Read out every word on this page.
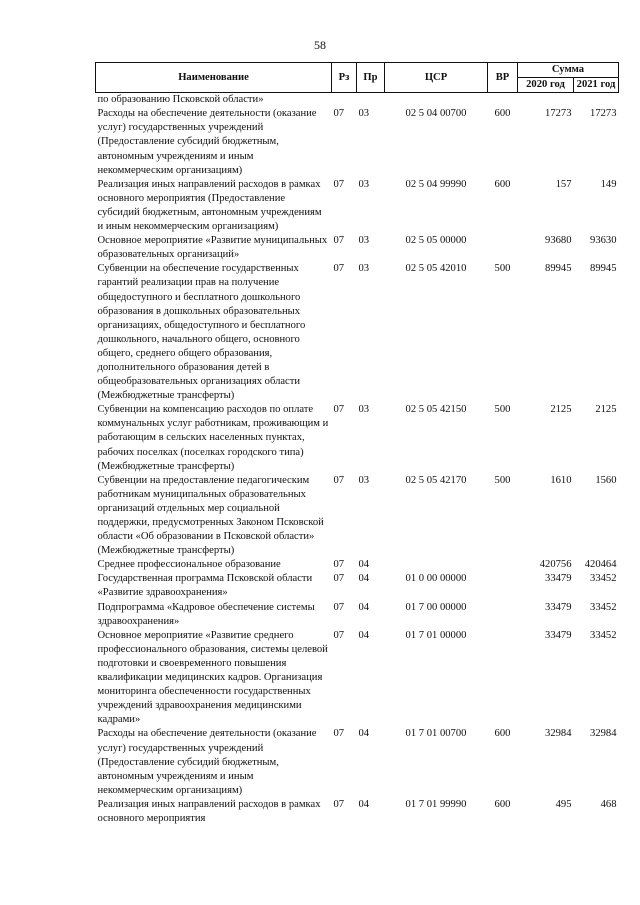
58
Наименование	Рз	Пр	ЦСР	ВР	Сумма	
					2020 год	2021 год
по образованию Псковской области»						
Расходы на обеспечение деятельности (оказание услуг) государственных учреждений (Предоставление субсидий бюджетным, автономным учреждениям и иным некоммерческим организациям)	07	03	02 5 04 00700	600	17273	17273
Реализация иных направлений расходов в рамках основного мероприятия (Предоставление субсидий бюджетным, автономным учреждениям и иным некоммерческим организациям)	07	03	02 5 04 99990	600	157	149
Основное мероприятие «Развитие муниципальных образовательных организаций»	07	03	02 5 05 00000		93680	93630
Субвенции на обеспечение государственных гарантий реализации прав на получение общедоступного и бесплатного дошкольного образования в дошкольных образовательных организациях, общедоступного и бесплатного дошкольного, начального общего, основного общего, среднего общего образования, дополнительного образования детей в общеобразовательных организациях области (Межбюджетные трансферты)	07	03	02 5 05 42010	500	89945	89945
Субвенции на компенсацию расходов по оплате коммунальных услуг работникам, проживающим и работающим в сельских населенных пунктах, рабочих поселках (поселках городского типа) (Межбюджетные трансферты)	07	03	02 5 05 42150	500	2125	2125
Субвенции на предоставление педагогическим работникам муниципальных образовательных организаций отдельных мер социальной поддержки, предусмотренных Законом Псковской области «Об образовании в Псковской области» (Межбюджетные трансферты)	07	03	02 5 05 42170	500	1610	1560
Среднее профессиональное образование	07	04			420756	420464
Государственная программа Псковской области «Развитие здравоохранения»	07	04	01 0 00 00000		33479	33452
Подпрограмма «Кадровое обеспечение системы здравоохранения»	07	04	01 7 00 00000		33479	33452
Основное мероприятие «Развитие среднего профессионального образования, системы целевой подготовки и своевременного повышения квалификации медицинских кадров. Организация мониторинга обеспеченности государственных учреждений здравоохранения медицинскими кадрами»	07	04	01 7 01 00000		33479	33452
Расходы на обеспечение деятельности (оказание услуг) государственных учреждений (Предоставление субсидий бюджетным, автономным учреждениям и иным некоммерческим организациям)	07	04	01 7 01 00700	600	32984	32984
Реализация иных направлений расходов в рамках основного мероприятия	07	04	01 7 01 99990	600	495	468
